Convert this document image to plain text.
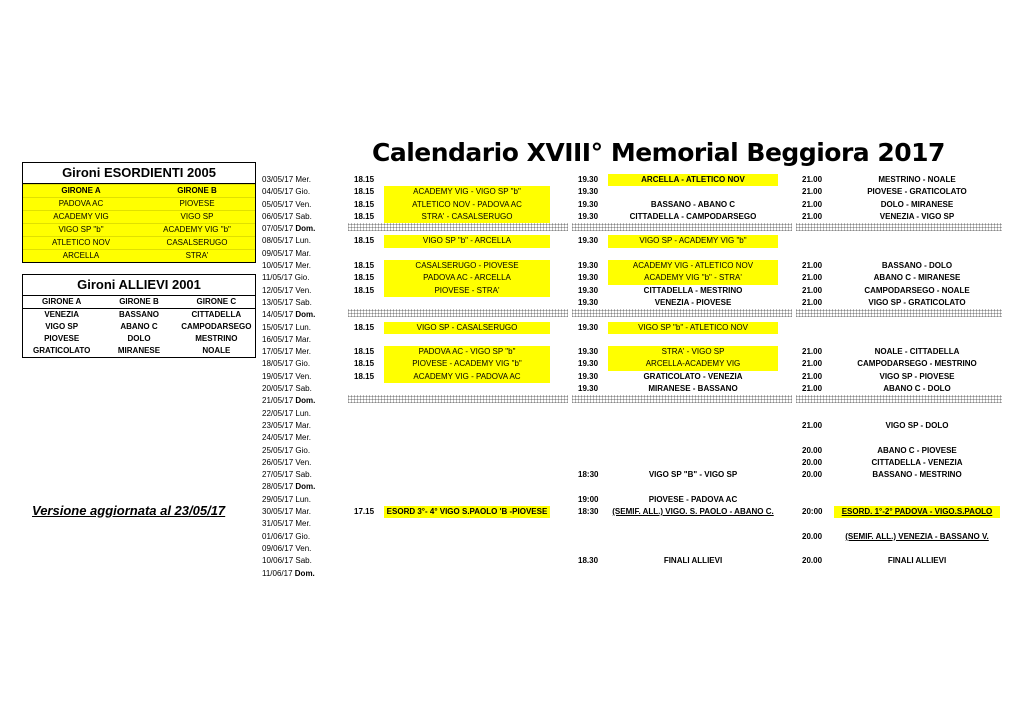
Calendario XVIII° Memorial Beggiora 2017
Gironi ESORDIENTI 2005
GIRONE A	GIRONE B
PADOVA AC	PIOVESE
ACADEMY VIG	VIGO SP
VIGO SP "b"	ACADEMY VIG "b"
ATLETICO NOV	CASALSERUGO
ARCELLA	STRA'
Gironi ALLIEVI 2001
GIRONE A	GIRONE B	GIRONE C
VENEZIA	BASSANO	CITTADELLA
VIGO SP	ABANO C	CAMPODARSEGO
PIOVESE	DOLO	MESTRINO
GRATICOLATO	MIRANESE	NOALE
Versione aggiornata al 23/05/17
03/05/17 Mer.	18.15	19.30	ARCELLA - ATLETICO NOV	21.00	MESTRINO - NOALE
04/05/17 Gio.	18.15	ACADEMY VIG - VIGO SP "b"	19.30	21.00	PIOVESE - GRATICOLATO
05/05/17 Ven.	18.15	ATLETICO NOV - PADOVA AC	19.30	BASSANO - ABANO C	21.00	DOLO - MIRANESE
06/05/17 Sab.	18.15	STRA' - CASALSERUGO	19.30	CITTADELLA - CAMPODARSEGO	21.00	VENEZIA - VIGO SP
07/05/17 Dom.
08/05/17 Lun.	18.15	VIGO SP "b" - ARCELLA	19.30	VIGO SP - ACADEMY VIG "b"
09/05/17 Mar.
10/05/17 Mer.	18.15	CASALSERUGO - PIOVESE	19.30	ACADEMY VIG - ATLETICO NOV	21.00	BASSANO - DOLO
11/05/17 Gio.	18.15	PADOVA AC - ARCELLA	19.30	ACADEMY VIG "b" - STRA'	21.00	ABANO C - MIRANESE
12/05/17 Ven.	18.15	PIOVESE - STRA'	19.30	CITTADELLA - MESTRINO	21.00	CAMPODARSEGO - NOALE
13/05/17 Sab.	19.30	VENEZIA - PIOVESE	21.00	VIGO SP - GRATICOLATO
14/05/17 Dom.
15/05/17 Lun.	18.15	VIGO SP - CASALSERUGO	19.30	VIGO SP "b" - ATLETICO NOV
16/05/17 Mar.
17/05/17 Mer.	18.15	PADOVA AC - VIGO SP "b"	19.30	STRA' - VIGO SP	21.00	NOALE - CITTADELLA
18/05/17 Gio.	18.15	PIOVESE - ACADEMY VIG "b"	19.30	ARCELLA-ACADEMY VIG	21.00	CAMPODARSEGO - MESTRINO
19/05/17 Ven.	18.15	ACADEMY VIG - PADOVA AC	19.30	GRATICOLATO - VENEZIA	21.00	VIGO SP - PIOVESE
20/05/17 Sab.	19.30	MIRANESE - BASSANO	21.00	ABANO C - DOLO
21/05/17 Dom.
22/05/17 Lun.
23/05/17 Mar.	21.00	VIGO SP - DOLO
24/05/17 Mer.
25/05/17 Gio.	20.00	ABANO C - PIOVESE
26/05/17 Ven.	20.00	CITTADELLA - VENEZIA
27/05/17 Sab.	18:30	VIGO SP "B" - VIGO SP	20.00	BASSANO - MESTRINO
28/05/17 Dom.
29/05/17 Lun.	19:00	PIOVESE - PADOVA AC
30/05/17 Mar.	17.15	ESORD 3°- 4° VIGO S.PAOLO 'B -PIOVESE	18:30	(SEMIF. ALL.) VIGO. S. PAOLO - ABANO C.	20:00	ESORD. 1°-2° PADOVA - VIGO.S.PAOLO
31/05/17 Mer.
01/06/17 Gio.	20.00	(SEMIF. ALL.) VENEZIA - BASSANO V.
09/06/17 Ven.
10/06/17 Sab.	18.30	FINALI ALLIEVI	20.00	FINALI ALLIEVI
11/06/17 Dom.
